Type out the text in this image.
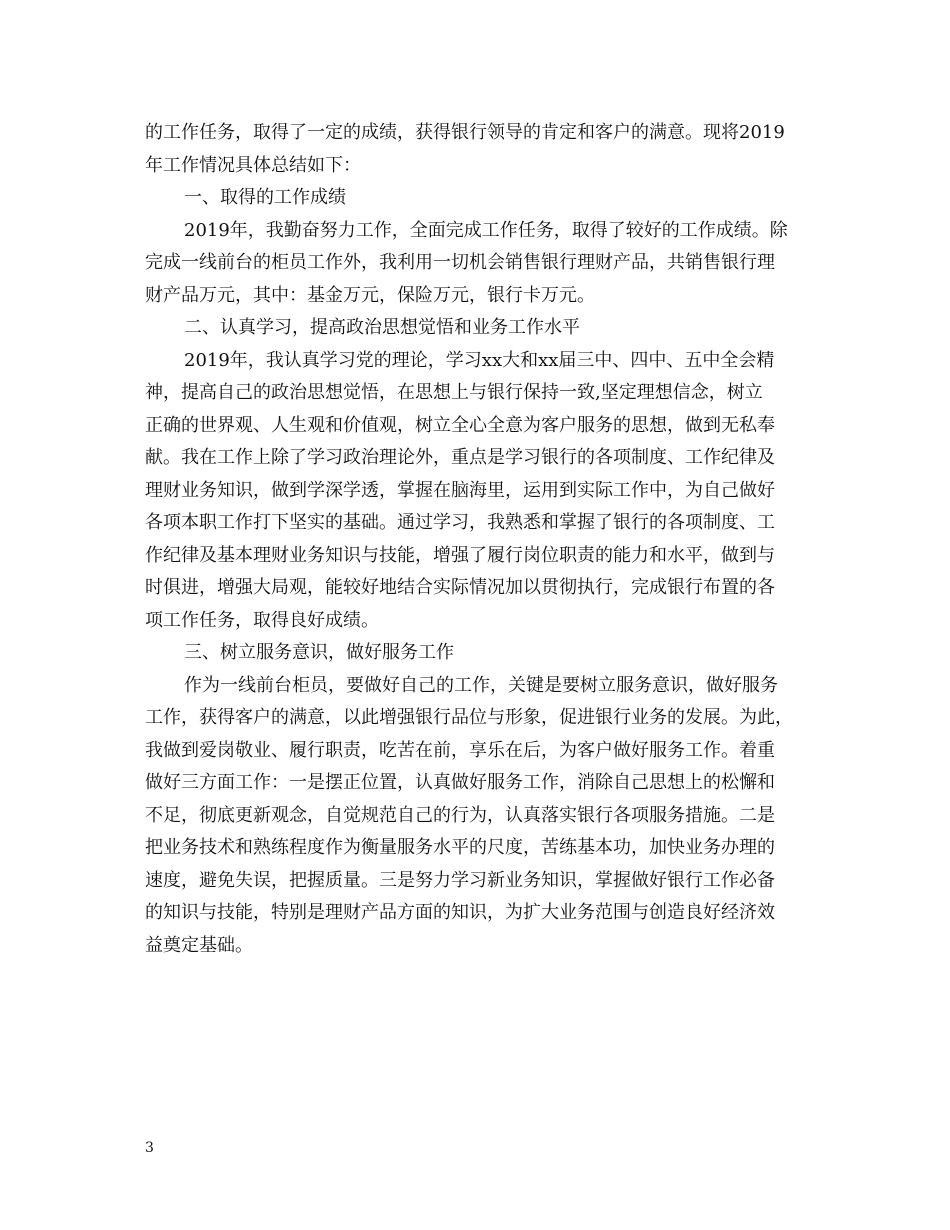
的工作任务，取得了一定的成绩，获得银行领导的肯定和客户的满意。现将2019
年工作情况具体总结如下：
一、取得的工作成绩
2019年，我勤奋努力工作，全面完成工作任务，取得了较好的工作成绩。除
完成一线前台的柜员工作外，我利用一切机会销售银行理财产品，共销售银行理
财产品万元，其中：基金万元，保险万元，银行卡万元。
二、认真学习，提高政治思想觉悟和业务工作水平
2019年，我认真学习党的理论，学习xx大和xx届三中、四中、五中全会精
神，提高自己的政治思想觉悟，在思想上与银行保持一致,坚定理想信念，树立
正确的世界观、人生观和价值观，树立全心全意为客户服务的思想，做到无私奉
献。我在工作上除了学习政治理论外，重点是学习银行的各项制度、工作纪律及
理财业务知识，做到学深学透，掌握在脑海里，运用到实际工作中，为自己做好
各项本职工作打下坚实的基础。通过学习，我熟悉和掌握了银行的各项制度、工
作纪律及基本理财业务知识与技能，增强了履行岗位职责的能力和水平，做到与
时俱进，增强大局观，能较好地结合实际情况加以贯彻执行，完成银行布置的各
项工作任务，取得良好成绩。
三、树立服务意识，做好服务工作
作为一线前台柜员，要做好自己的工作，关键是要树立服务意识，做好服务
工作，获得客户的满意，以此增强银行品位与形象，促进银行业务的发展。为此，
我做到爱岗敬业、履行职责，吃苦在前，享乐在后，为客户做好服务工作。着重
做好三方面工作：一是摆正位置，认真做好服务工作，消除自己思想上的松懈和
不足，彻底更新观念，自觉规范自己的行为，认真落实银行各项服务措施。二是
把业务技术和熟练程度作为衡量服务水平的尺度，苦练基本功，加快业务办理的
速度，避免失误，把握质量。三是努力学习新业务知识，掌握做好银行工作必备
的知识与技能，特别是理财产品方面的知识，为扩大业务范围与创造良好经济效
益奠定基础。
3
